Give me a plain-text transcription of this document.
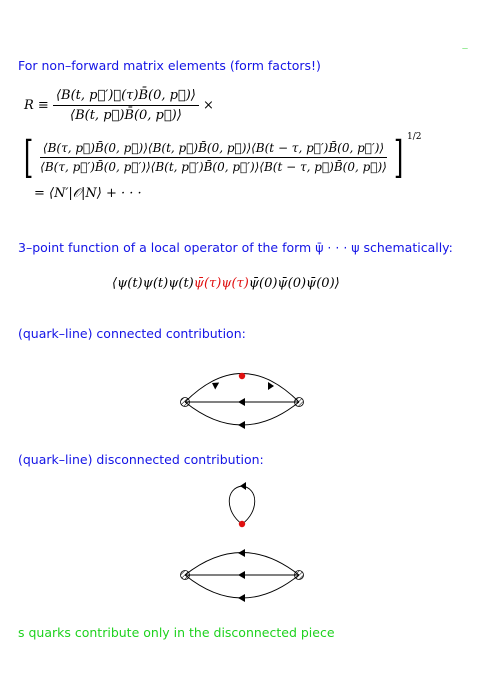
—
For non–forward matrix elements (form factors!)
$R \equiv \frac{\text{⟨B(t, p⃗′)𝒪(τ)B̄(0, p⃗)⟩}}{⟨B(t, p⃗)B̄(0, p⃗)⟩}$ ×
[ ⟨B(τ, p⃗)B̄(0, p⃗)⟩⟨B(t, p⃗)B̄(0, p⃗)⟩⟨B(t − τ, p⃗′)B̄(0, p⃗′)⟩
⟨B(τ, p⃗′)B̄(0, p⃗′)⟩⟨B(t, p⃗′)B̄(0, p⃗′)⟩⟨B(t − τ, p⃗)B̄(0, p⃗)⟩ ] $^{1/2}$
= ⟨N′|𝒪|N⟩ + · · ·
3–point function of a local operator of the form ψ̄ · · · ψ schematically:
⟨ψ(t)ψ(t)ψ(t)ψ̄(τ)ψ(τ)ψ̄(0)ψ̄(0)ψ̄(0)⟩
(quark–line) connected contribution:
(quark–line) disconnected contribution:
s quarks contribute only in the disconnected piece
